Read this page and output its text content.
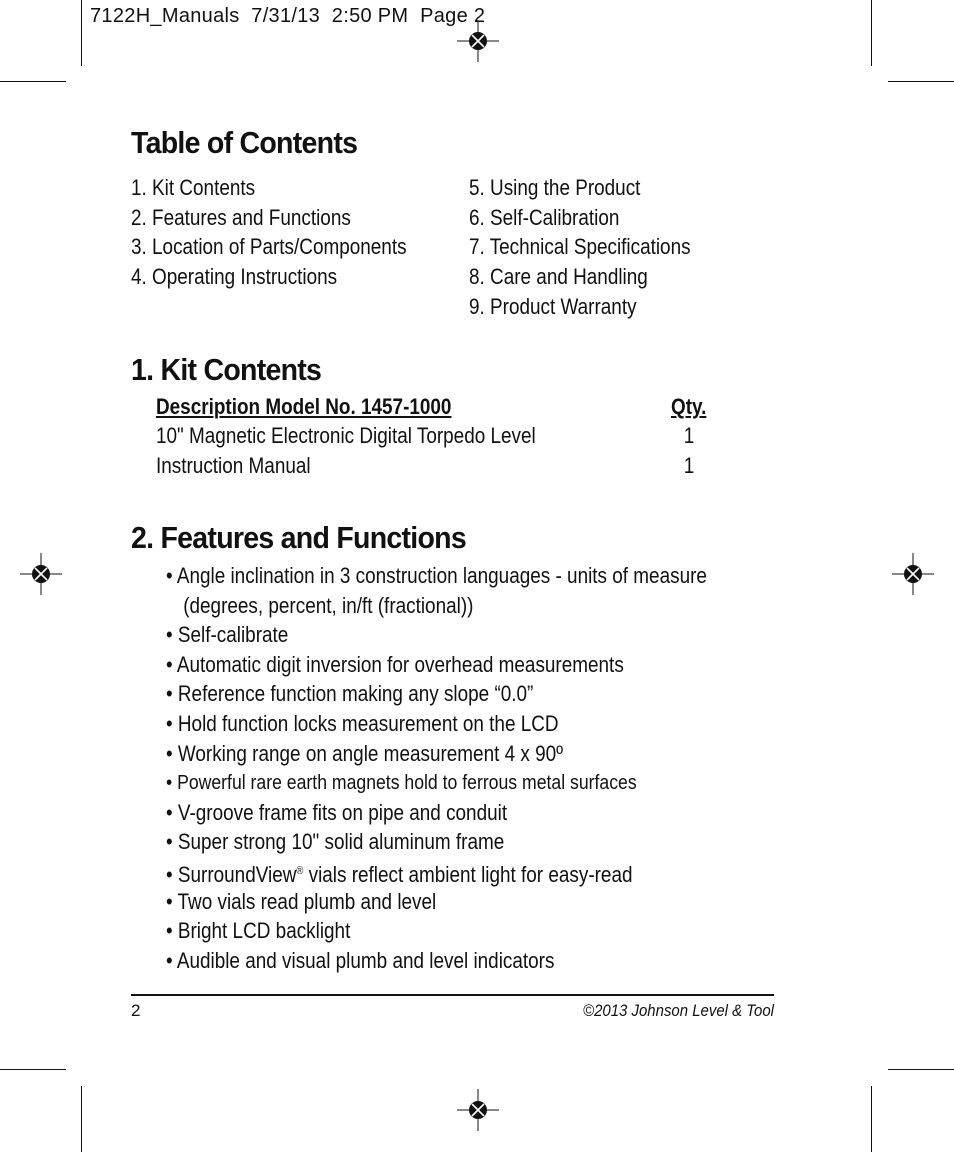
7122H_Manuals  7/31/13  2:50 PM  Page 2
Table of Contents
1. Kit Contents
2. Features and Functions
3. Location of Parts/Components
4. Operating Instructions
5. Using the Product
6. Self-Calibration
7. Technical Specifications
8. Care and Handling
9. Product Warranty
1. Kit Contents
Description Model No. 1457-1000	Qty.
10" Magnetic Electronic Digital Torpedo Level	1
Instruction Manual	1
2. Features and Functions
• Angle inclination in 3 construction languages - units of measure
(degrees, percent, in/ft (fractional))
• Self-calibrate
• Automatic digit inversion for overhead measurements
• Reference function making any slope “0.0”
• Hold function locks measurement on the LCD
• Working range on angle measurement 4 x 90º
• Powerful rare earth magnets hold to ferrous metal surfaces
• V-groove frame fits on pipe and conduit
• Super strong 10" solid aluminum frame
• SurroundView® vials reflect ambient light for easy-read
• Two vials read plumb and level
• Bright LCD backlight
• Audible and visual plumb and level indicators
2	©2013 Johnson Level & Tool
